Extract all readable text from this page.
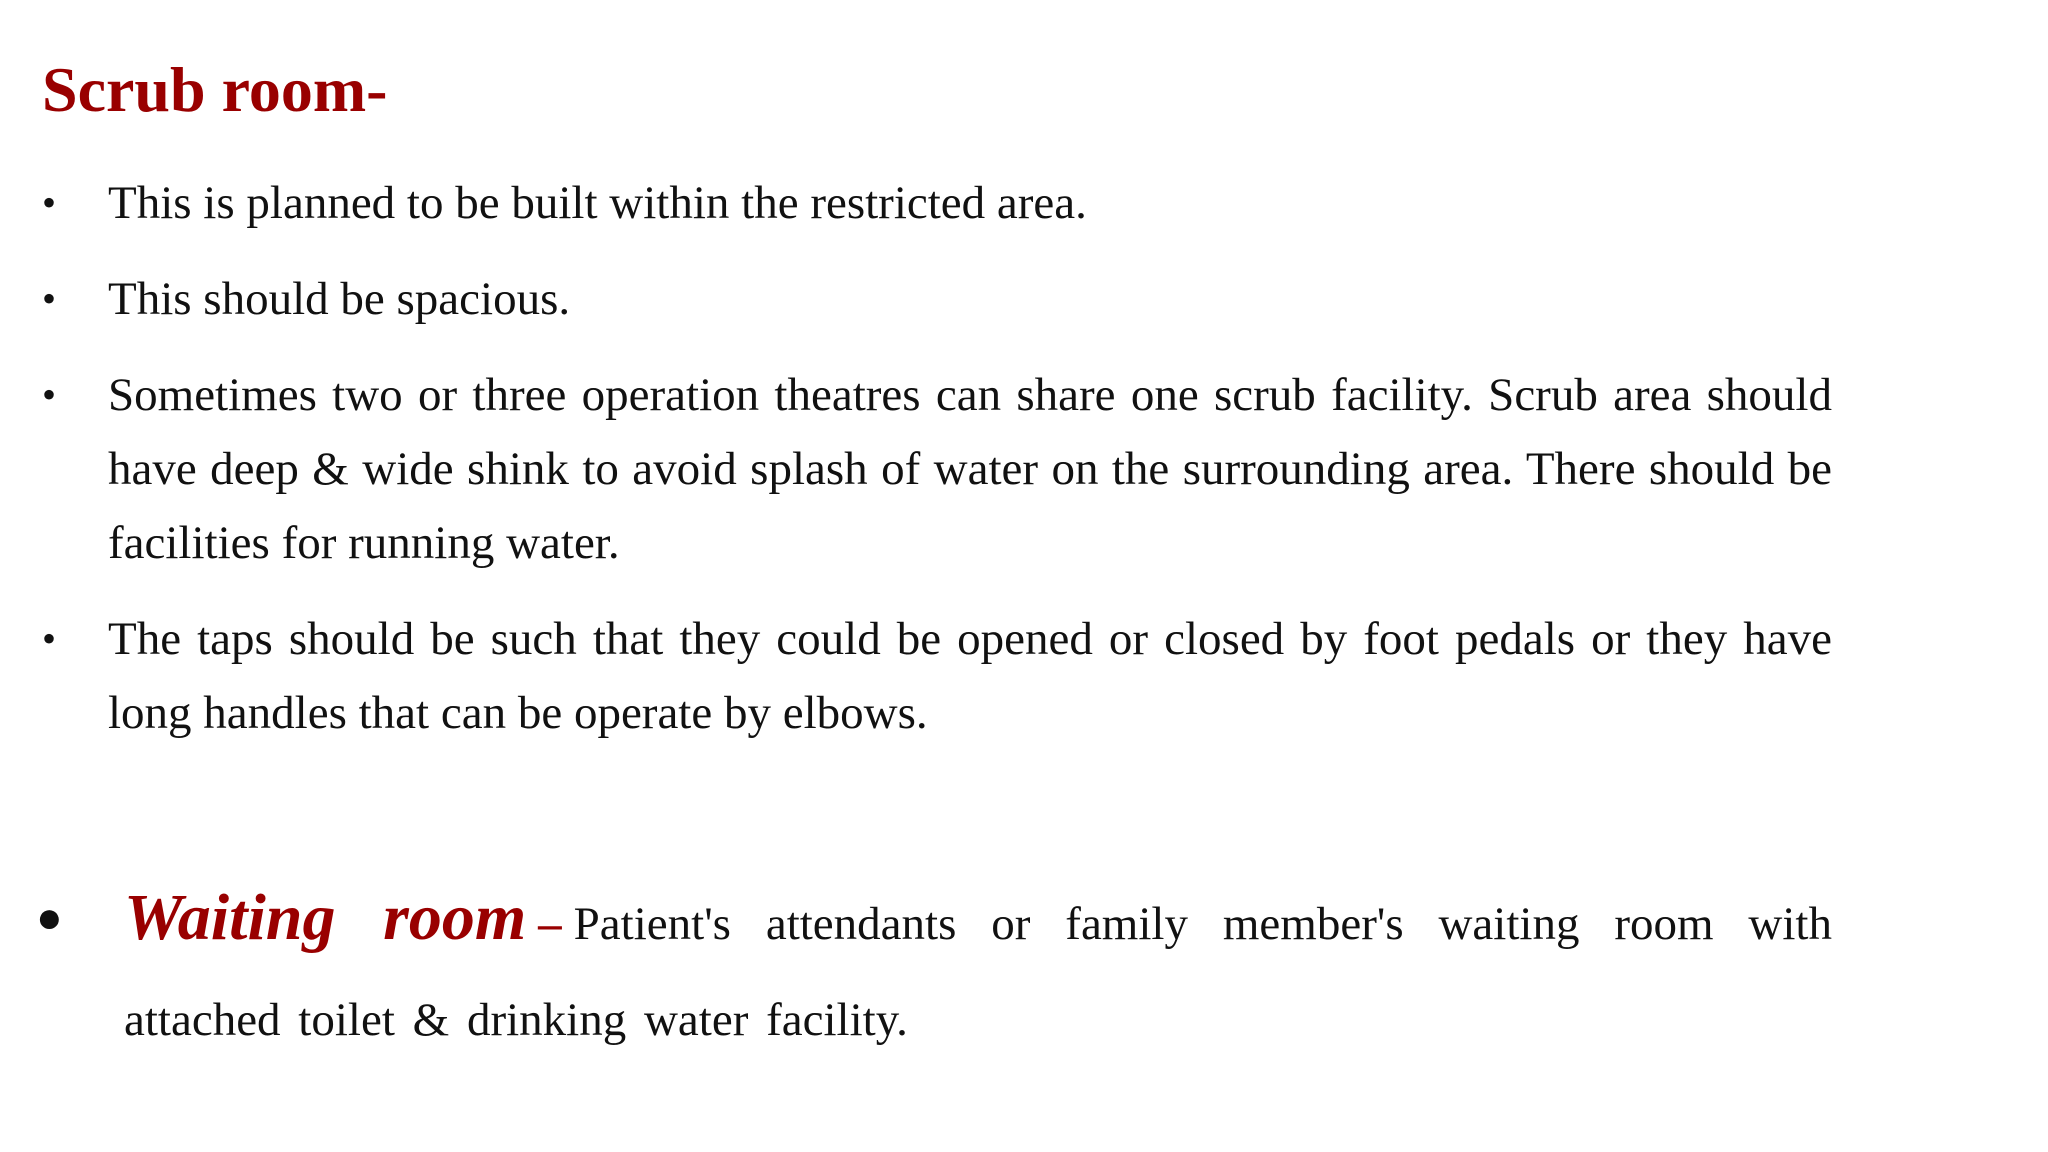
Scrub room-
•	This is planned to be built within the restricted area.
•	This should be spacious.
•	Sometimes two or three operation theatres can share one scrub facility. Scrub area should have deep & wide shink to avoid splash of water on the surrounding area. There should be facilities for running water.
•	The taps should be such that they could be opened or closed by foot pedals or they have long handles that can be operate by elbows.
● Waiting room – Patient's attendants or family member's waiting room with attached toilet & drinking water facility.
